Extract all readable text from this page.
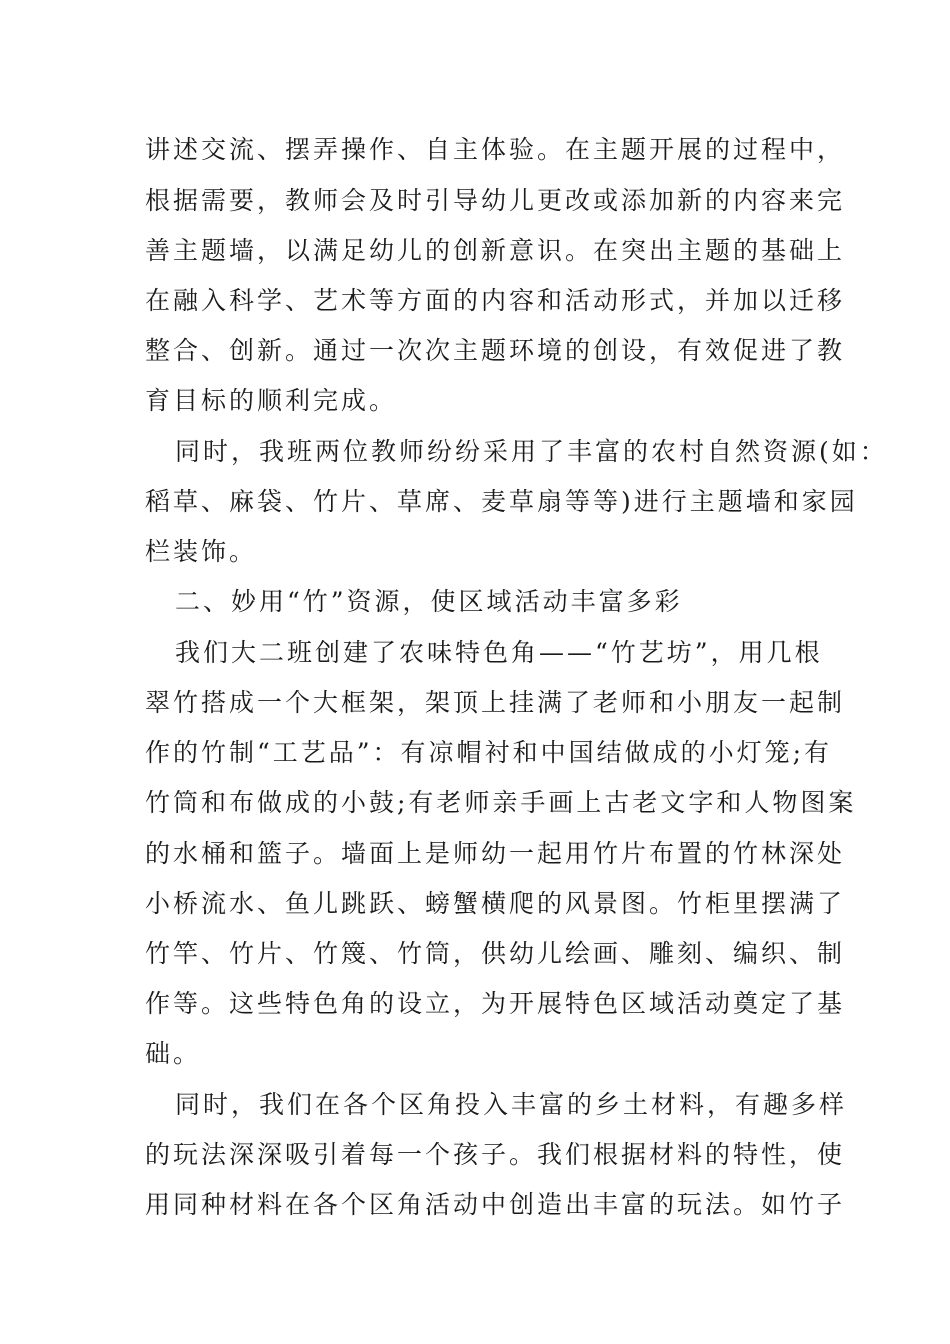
讲述交流、摆弄操作、自主体验。在主题开展的过程中，
根据需要，教师会及时引导幼儿更改或添加新的内容来完
善主题墙，以满足幼儿的创新意识。在突出主题的基础上
在融入科学、艺术等方面的内容和活动形式，并加以迁移
整合、创新。通过一次次主题环境的创设，有效促进了教
育目标的顺利完成。
同时，我班两位教师纷纷采用了丰富的农村自然资源(如：
稻草、麻袋、竹片、草席、麦草扇等等)进行主题墙和家园
栏装饰。
二、妙用“竹”资源，使区域活动丰富多彩
我们大二班创建了农味特色角——“竹艺坊”，用几根
翠竹搭成一个大框架，架顶上挂满了老师和小朋友一起制
作的竹制“工艺品”：有凉帽衬和中国结做成的小灯笼;有
竹筒和布做成的小鼓;有老师亲手画上古老文字和人物图案
的水桶和篮子。墙面上是师幼一起用竹片布置的竹林深处
小桥流水、鱼儿跳跃、螃蟹横爬的风景图。竹柜里摆满了
竹竿、竹片、竹篾、竹筒，供幼儿绘画、雕刻、编织、制
作等。这些特色角的设立，为开展特色区域活动奠定了基
础。
同时，我们在各个区角投入丰富的乡土材料，有趣多样
的玩法深深吸引着每一个孩子。我们根据材料的特性，使
用同种材料在各个区角活动中创造出丰富的玩法。如竹子
